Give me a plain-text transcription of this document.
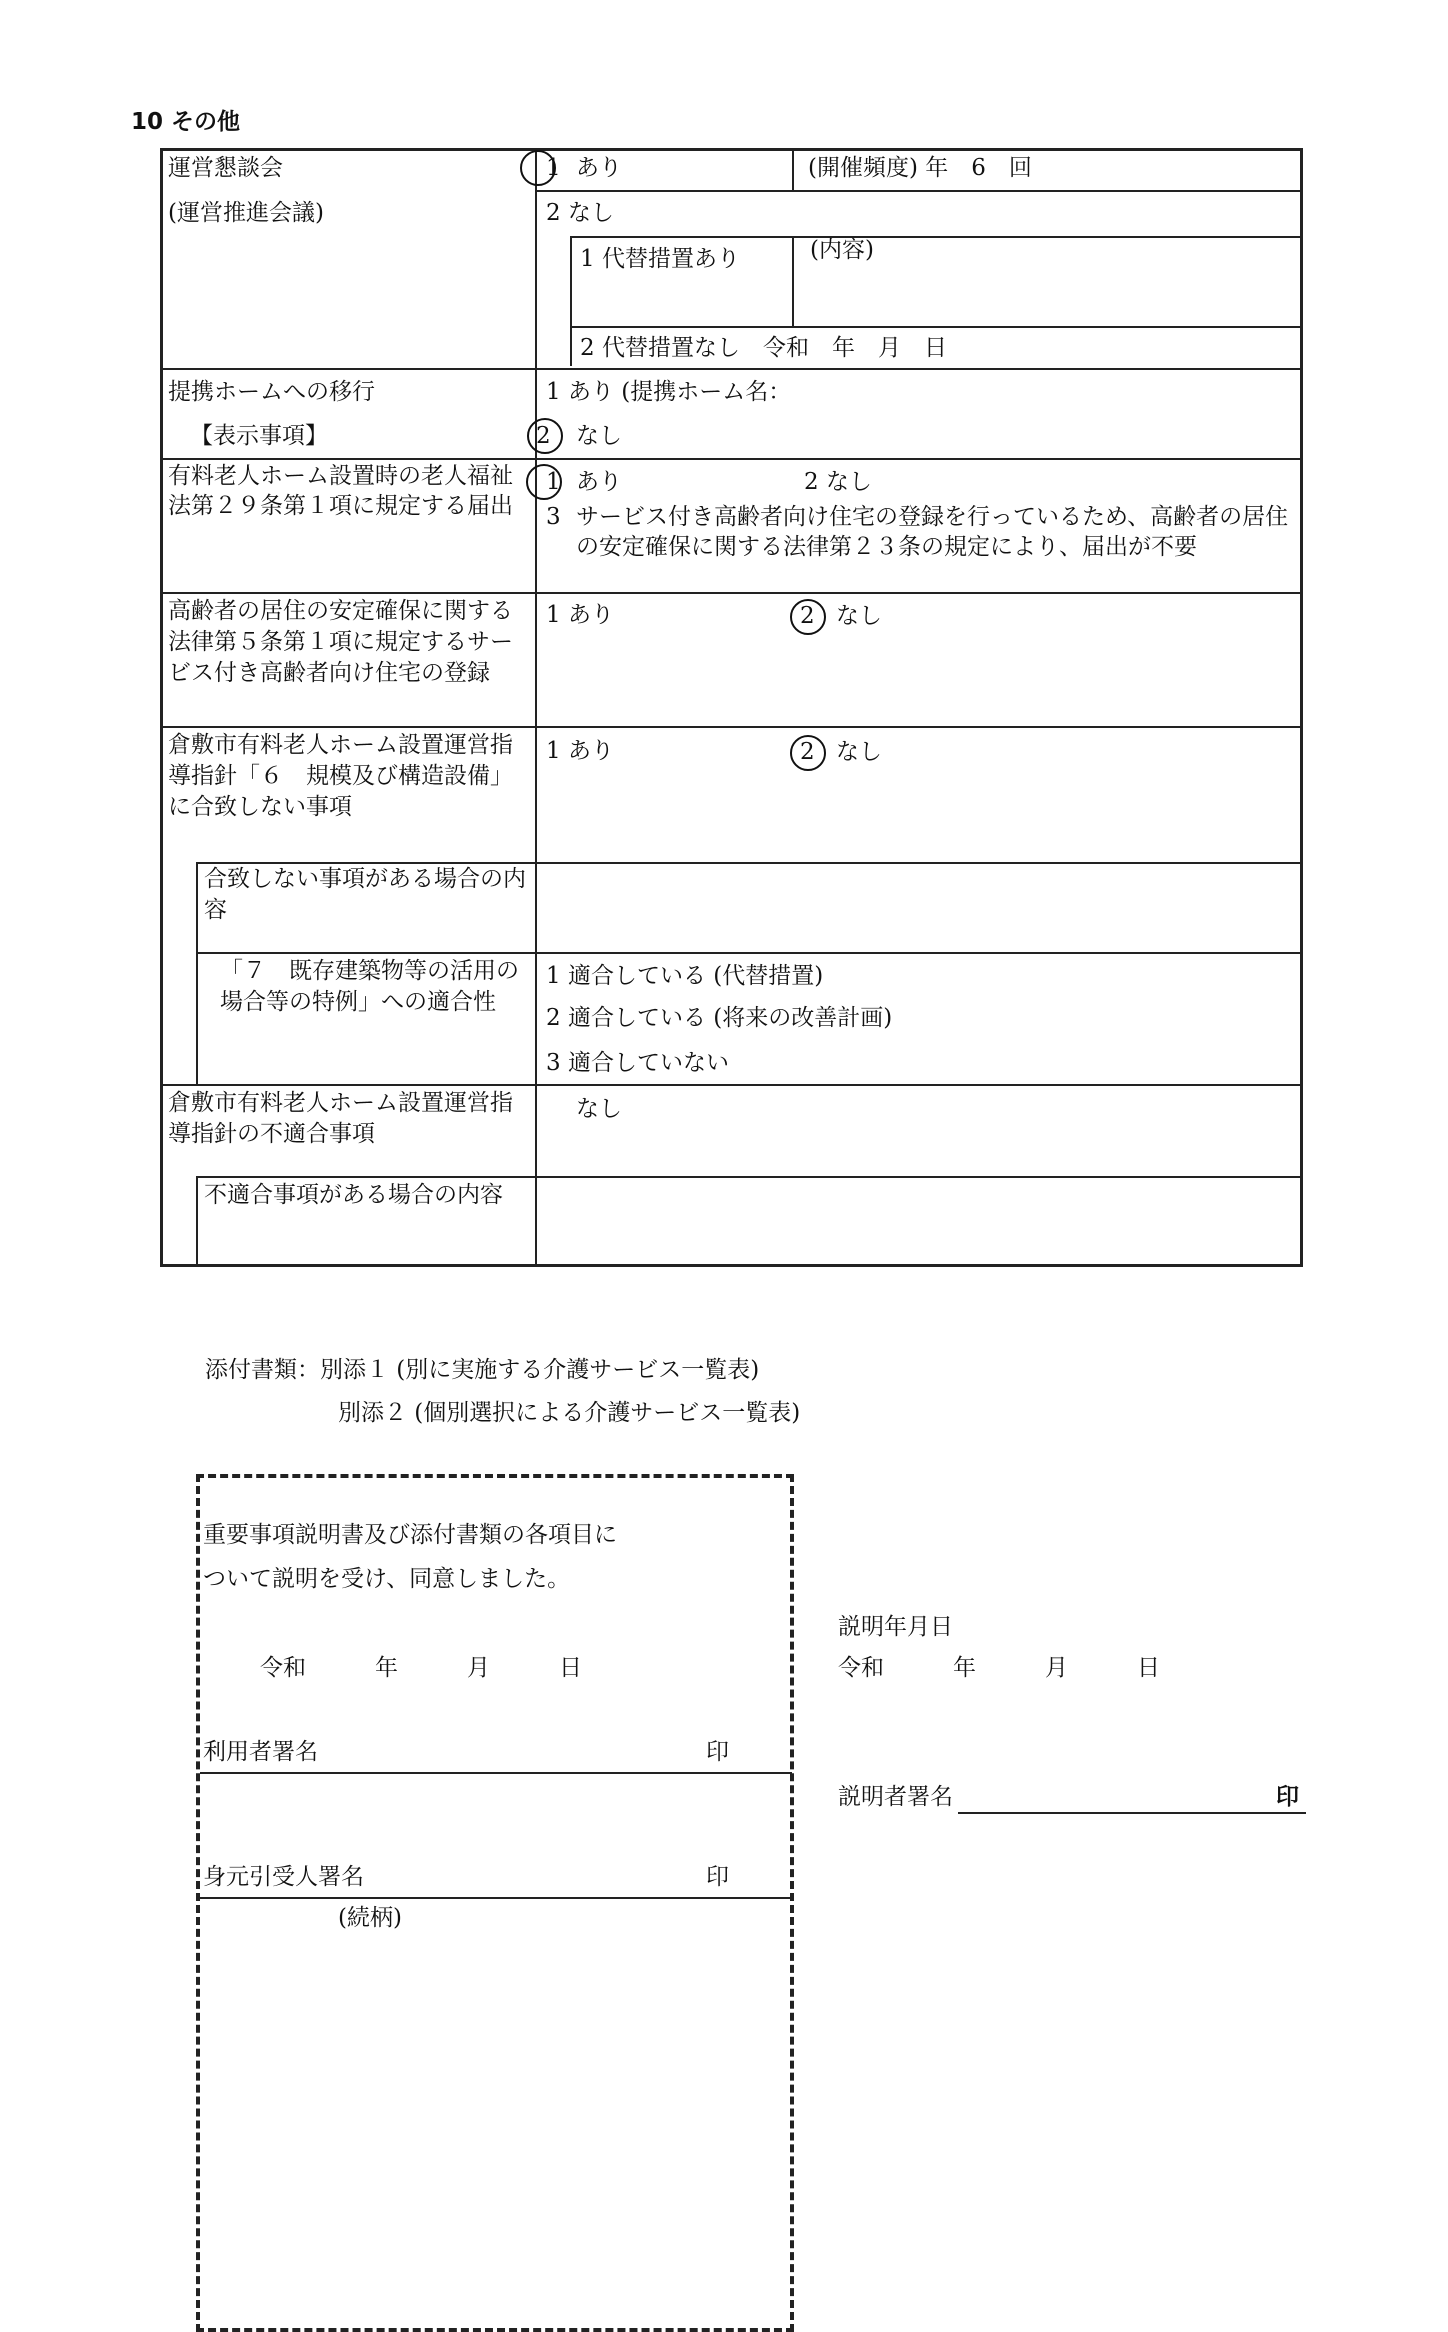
10 その他
運営懇談会
(運営推進会議)
1 あり	(開催頻度) 年　6　回
2 なし
1 代替措置あり	(内容)
2 代替措置なし　令和　年　月　日
提携ホームへの移行
【表示事項】
1 あり (提携ホーム名：
2 なし
有料老人ホーム設置時の老人福祉法第２９条第１項に規定する届出
1 あり	2 なし
3 サービス付き高齢者向け住宅の登録を行っているため、高齢者の居住の安定確保に関する法律第２３条の規定により、届出が不要
高齢者の居住の安定確保に関する法律第５条第１項に規定するサービス付き高齢者向け住宅の登録
1 あり	2 なし
倉敷市有料老人ホーム設置運営指導指針「６　規模及び構造設備」に合致しない事項
1 あり	2 なし
合致しない事項がある場合の内容
「７　既存建築物等の活用の場合等の特例」への適合性
1 適合している (代替措置)
2 適合している (将来の改善計画)
3 適合していない
倉敷市有料老人ホーム設置運営指導指針の不適合事項
なし
不適合事項がある場合の内容
添付書類：別添１ (別に実施する介護サービス一覧表)
別添２ (個別選択による介護サービス一覧表)
重要事項説明書及び添付書類の各項目に
ついて説明を受け、同意しました。
令和　　　年　　　月　　　日
利用者署名	印
身元引受人署名	印
(続柄)
説明年月日
令和　　　年　　　月　　　日
説明者署名	印
